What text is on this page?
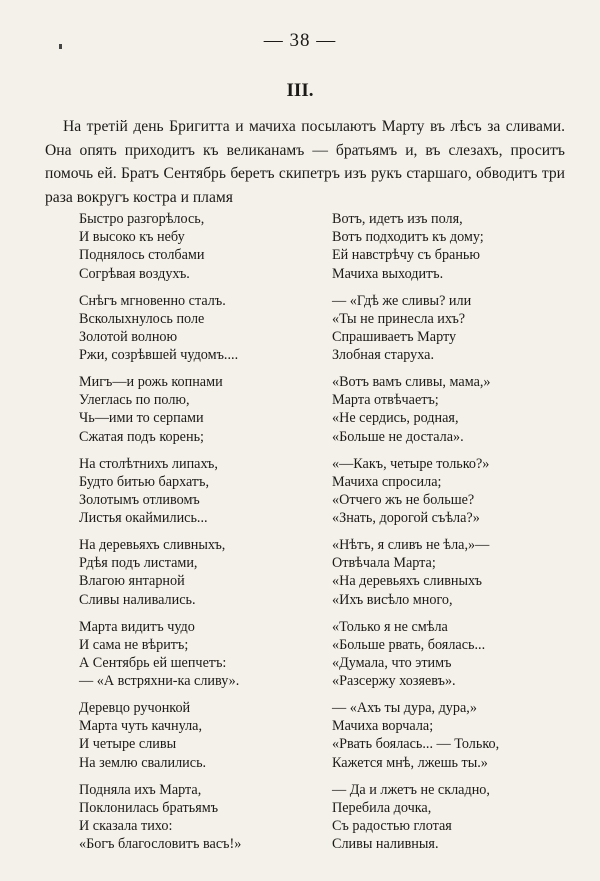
— 38 —
III.

На третій день Бригитта и мачиха посылаютъ Марту въ лѣсъ за сливами. Она опять приходитъ къ великанамъ — братьямъ и, въ слезахъ, проситъ помочь ей. Братъ Сентябрь беретъ скипетръ изъ рукъ старшаго, обводитъ три раза вокругъ костра и пламя

Быстро разгорѣлось,
И высоко къ небу
Поднялось столбами
Согрѣвая воздухъ.
Снѣгъ мгновенно сталъ.
Всколыхнулось поле
Золотой волною
Ржи, созрѣвшей чудомъ....
Мигъ—и рожь копнами
Улеглась по полю,
Чь—ими то серпами
Сжатая подъ корень;
На столѣтнихъ липахъ,
Будто битью бархатъ,
Золотымъ отливомъ
Листья окаймились...
На деревьяхъ сливныхъ,
Рдѣя подъ листами,
Влагою янтарной
Сливы наливались.
Марта видитъ чудо
И сама не вѣритъ;
А Сентябрь ей шепчетъ:
— «А встряхни-ка сливу».
Деревцо ручонкой
Марта чуть качнула,
И четыре сливы
На землю свалились.
Подняла ихъ Марта,
Поклонилась братьямъ
И сказала тихо:
«Богъ благословитъ васъ!»
Вотъ, идетъ изъ поля,
Вотъ подходитъ къ дому;
Ей навстрѣчу съ бранью
Мачиха выходитъ.
— «Гдѣ же сливы? или
«Ты не принесла ихъ?
Спрашиваетъ Марту
Злобная старуха.
«Вотъ вамъ сливы, мама,»
Марта отвѣчаетъ;
«Не сердись, родная,
«Больше не достала».
«—Какъ, четыре только?»
Мачиха спросила;
«Отчего жъ не больше?
«Знать, дорогой съѣла?»
«Нѣтъ, я сливъ не ѣла,»—
Отвѣчала Марта;
«На деревьяхъ сливныхъ
«Ихъ висѣло много,
«Только я не смѣла
«Больше рвать, боялась...
«Думала, что этимъ
«Разсержу хозяевъ».
— «Ахъ ты дура, дура,»
Мачиха ворчала;
«Рвать боялась... — Только,
Кажется мнѣ, лжешь ты.»
— Да и лжетъ не складно,
Перебила дочка,
Съ радостью глотая
Сливы наливныя.
